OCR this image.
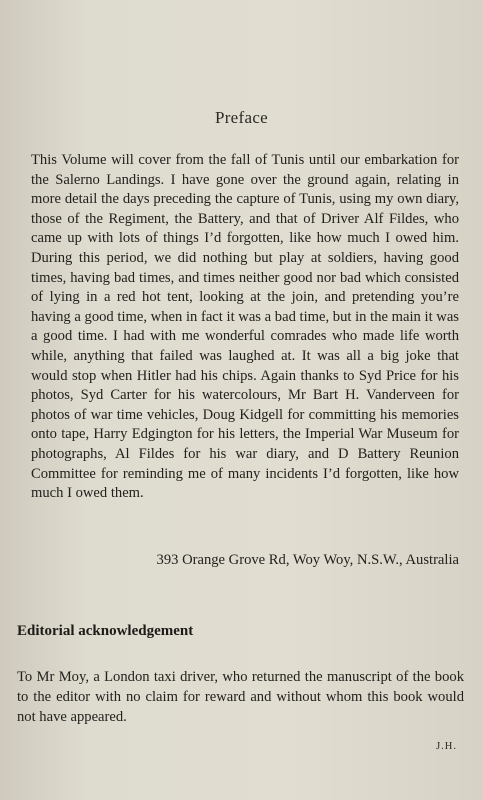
Preface

This Volume will cover from the fall of Tunis until our embarkation for the Salerno Landings. I have gone over the ground again, relating in more detail the days preceding the capture of Tunis, using my own diary, those of the Regiment, the Battery, and that of Driver Alf Fildes, who came up with lots of things I’d forgotten, like how much I owed him. During this period, we did nothing but play at soldiers, having good times, having bad times, and times neither good nor bad which consisted of lying in a red hot tent, looking at the join, and pretending you’re having a good time, when in fact it was a bad time, but in the main it was a good time. I had with me wonderful comrades who made life worth while, anything that failed was laughed at. It was all a big joke that would stop when Hitler had his chips. Again thanks to Syd Price for his photos, Syd Carter for his watercolours, Mr Bart H. Vanderveen for photos of war time vehicles, Doug Kidgell for committing his memories onto tape, Harry Edgington for his letters, the Imperial War Museum for photographs, Al Fildes for his war diary, and D Battery Reunion Committee for reminding me of many incidents I’d forgotten, like how much I owed them.

393 Orange Grove Rd, Woy Woy, N.S.W., Australia
Editorial acknowledgement

To Mr Moy, a London taxi driver, who returned the manuscript of the book to the editor with no claim for reward and without whom this book would not have appeared.

J.H.
